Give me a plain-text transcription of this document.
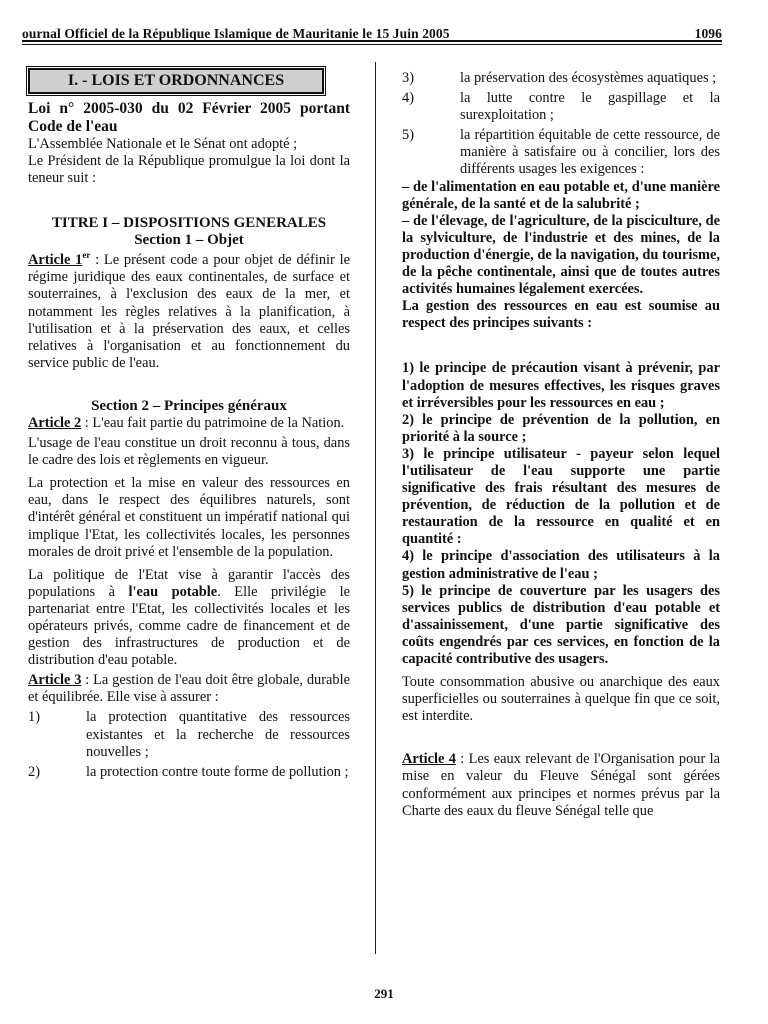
ournal Officiel de la République Islamique de Mauritanie le 15 Juin 2005	1096
I. - LOIS ET ORDONNANCES

Loi n° 2005-030 du 02 Février 2005 portant Code de l'eau

L'Assemblée Nationale et le Sénat ont adopté ;

Le Président de la République promulgue la loi dont la teneur suit :

TITRE I – DISPOSITIONS GENERALES

Section 1 – Objet

Article 1er : Le présent code a pour objet de définir le régime juridique des eaux continentales, de surface et souterraines, à l'exclusion des eaux de la mer, et notamment les règles relatives à la planification, à l'utilisation et à la préservation des eaux, et celles relatives à l'organisation et au fonctionnement du service public de l'eau.

Section 2 – Principes généraux

Article 2 : L'eau fait partie du patrimoine de la Nation.

L'usage de l'eau constitue un droit reconnu à tous, dans le cadre des lois et règlements en vigueur.

La protection et la mise en valeur des ressources en eau, dans le respect des équilibres naturels, sont d'intérêt général et constituent un impératif national qui implique l'Etat, les collectivités locales, les personnes morales de droit privé et l'ensemble de la population.

La politique de l'Etat vise à garantir l'accès des populations à l'eau potable. Elle privilégie le partenariat entre l'Etat, les collectivités locales et les opérateurs privés, comme cadre de financement et de gestion des infrastructures de production et de distribution d'eau potable.

Article 3 : La gestion de l'eau doit être globale, durable et équilibrée. Elle vise à assurer :

1)	la protection quantitative des ressources existantes et la recherche de ressources nouvelles ;
2)	la protection contre toute forme de pollution ;
3)	la préservation des écosystèmes aquatiques ;
4)	la lutte contre le gaspillage et la surexploitation ;
5)	la répartition équitable de cette ressource, de manière à satisfaire ou à concilier, lors des différents usages les exigences :

– de l'alimentation en eau potable et, d'une manière générale, de la santé et de la salubrité ;

– de l'élevage, de l'agriculture, de la pisciculture, de la sylviculture, de l'industrie et des mines, de la production d'énergie, de la navigation, du tourisme, de la pêche continentale, ainsi que de toutes autres activités humaines légalement exercées.

La gestion des ressources en eau est soumise au respect des principes suivants :

1) le principe de précaution visant à prévenir, par l'adoption de mesures effectives, les risques graves et irréversibles pour les ressources en eau ;

2) le principe de prévention de la pollution, en priorité à la source ;

3) le principe utilisateur - payeur selon lequel l'utilisateur de l'eau supporte une partie significative des frais résultant des mesures de prévention, de réduction de la pollution et de restauration de la ressource en qualité et en quantité :

4) le principe d'association des utilisateurs à la gestion administrative de l'eau ;

5) le principe de couverture par les usagers des services publics de distribution d'eau potable et d'assainissement, d'une partie significative des coûts engendrés par ces services, en fonction de la capacité contributive des usagers.

Toute consommation abusive ou anarchique des eaux superficielles ou souterraines à quelque fin que ce soit, est interdite.

Article 4 : Les eaux relevant de l'Organisation pour la mise en valeur du Fleuve Sénégal sont gérées conformément aux principes et normes prévus par la Charte des eaux du fleuve Sénégal telle que

291
